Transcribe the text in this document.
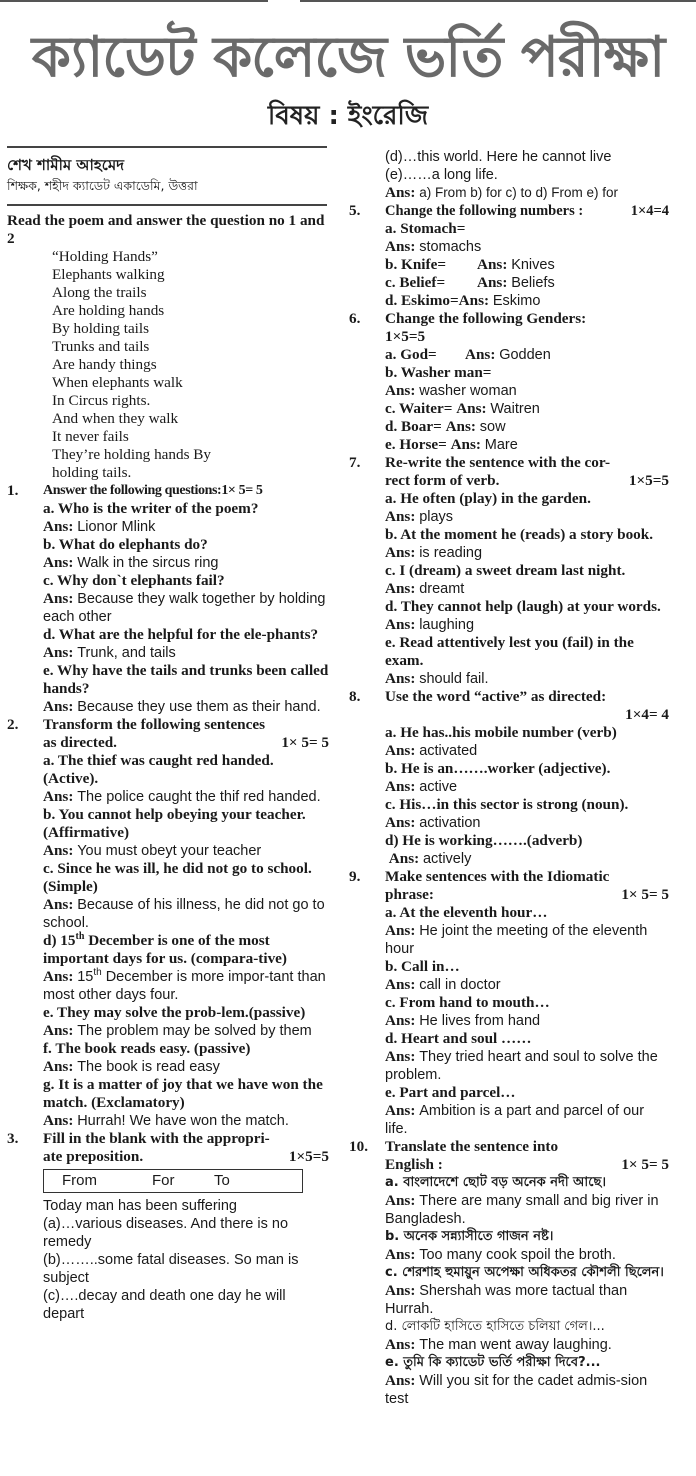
ক্যাডেট কলেজে ভর্তি পরীক্ষা
বিষয় : ইংরেজি
শেখ শামীম আহমেদ
শিক্ষক, শহীদ ক্যাডেট একাডেমি, উত্তরা

Read the poem and answer the question no 1 and 2

“Holding Hands”

Elephants walking

Along the trails

Are holding hands

By holding tails

Trunks and tails

Are handy things

When elephants walk

In Circus rights.

And when they walk

It never fails

They’re holding hands By

holding tails.

1. Answer the following questions:1× 5= 5

a. Who is the writer of the poem?

Ans: Lionor Mlink

b. What do elephants do?

Ans: Walk in the sircus ring

c. Why don`t elephants fail?

Ans: Because they walk together by holding each other

d. What are the helpful for the ele-phants?

Ans: Trunk, and tails

e. Why have the tails and trunks been called hands?

Ans: Because they use them as their hand.

2. Transform the following sentences

as directed.	1× 5= 5

a. The thief was caught red handed. (Active).

Ans: The police caught the thif red handed.

b. You cannot help obeying your teacher. (Affirmative)

Ans: You must obeyt your teacher

c. Since he was ill, he did not go to school. (Simple)

Ans: Because of his illness, he did not go to school.

d) 15th December is one of the most important days for us. (compara-tive)

Ans: 15th December is more impor-tant than most other days four.

e. They may solve the prob-lem.(passive)

Ans: The problem may be solved by them

f. The book reads easy. (passive)

Ans: The book is read easy

g. It is a matter of joy that we have won the match. (Exclamatory)

Ans: Hurrah! We have won the match.

3. Fill in the blank with the appropri-

ate preposition.	1×5=5

From	For	To

Today man has been suffering

(a)…various diseases. And there is no remedy

(b)……..some fatal diseases. So man is subject

(c)….decay and death one day he will depart

(d)…this world. Here he cannot live

(e)……a long life.

Ans: a) From b) for c) to d) From e) for

5. Change the following numbers :	1×4=4

a. Stomach=

Ans: stomachs

b. Knife= Ans: Knives

c. Belief= Ans: Beliefs

d. Eskimo=Ans: Eskimo

6. Change the following Genders:

1×5=5

a. God= Ans: Godden

b. Washer man=

Ans: washer woman

c. Waiter= Ans: Waitren

d. Boar= Ans: sow

e. Horse= Ans: Mare

7. Re-write the sentence with the cor-

rect form of verb.	1×5=5

a. He often (play) in the garden.

Ans: plays

b. At the moment he (reads) a story book. Ans: is reading

c. I (dream) a sweet dream last night.

Ans: dreamt

d. They cannot help (laugh) at your words.

Ans: laughing

e. Read attentively lest you (fail) in the exam.

Ans: should fail.

8. Use the word “active” as directed:

1×4= 4

a. He has..his mobile number (verb)

Ans: activated

b. He is an…….worker (adjective).

Ans: active

c. His…in this sector is strong (noun).

Ans: activation

d) He is working…….(adverb)

Ans: actively

9. Make sentences with the Idiomatic

phrase:	1× 5= 5

a. At the eleventh hour…

Ans: He joint the meeting of the eleventh hour

b. Call in…

Ans: call in doctor

c. From hand to mouth…

Ans: He lives from hand

d. Heart and soul ……

Ans: They tried heart and soul to solve the problem.

e. Part and parcel…

Ans: Ambition is a part and parcel of our life.

10. Translate the sentence into

English :	1× 5= 5

a. বাংলাদেশে ছোট বড় অনেক নদী আছে।

Ans: There are many small and big river in Bangladesh.

b. অনেক সন্ন্যাসীতে গাজন নষ্ট।

Ans: Too many cook spoil the broth.

c. শেরশাহ হুমায়ুন অপেক্ষা অধিকতর কৌশলী ছিলেন।

Ans: Shershah was more tactual than Hurrah.

d. লোকটি হাসিতে হাসিতে চলিয়া গেল।...

Ans: The man went away laughing.

e. তুমি কি ক্যাডেট ভর্তি পরীক্ষা দিবে?...

Ans: Will you sit for the cadet admis-sion test
